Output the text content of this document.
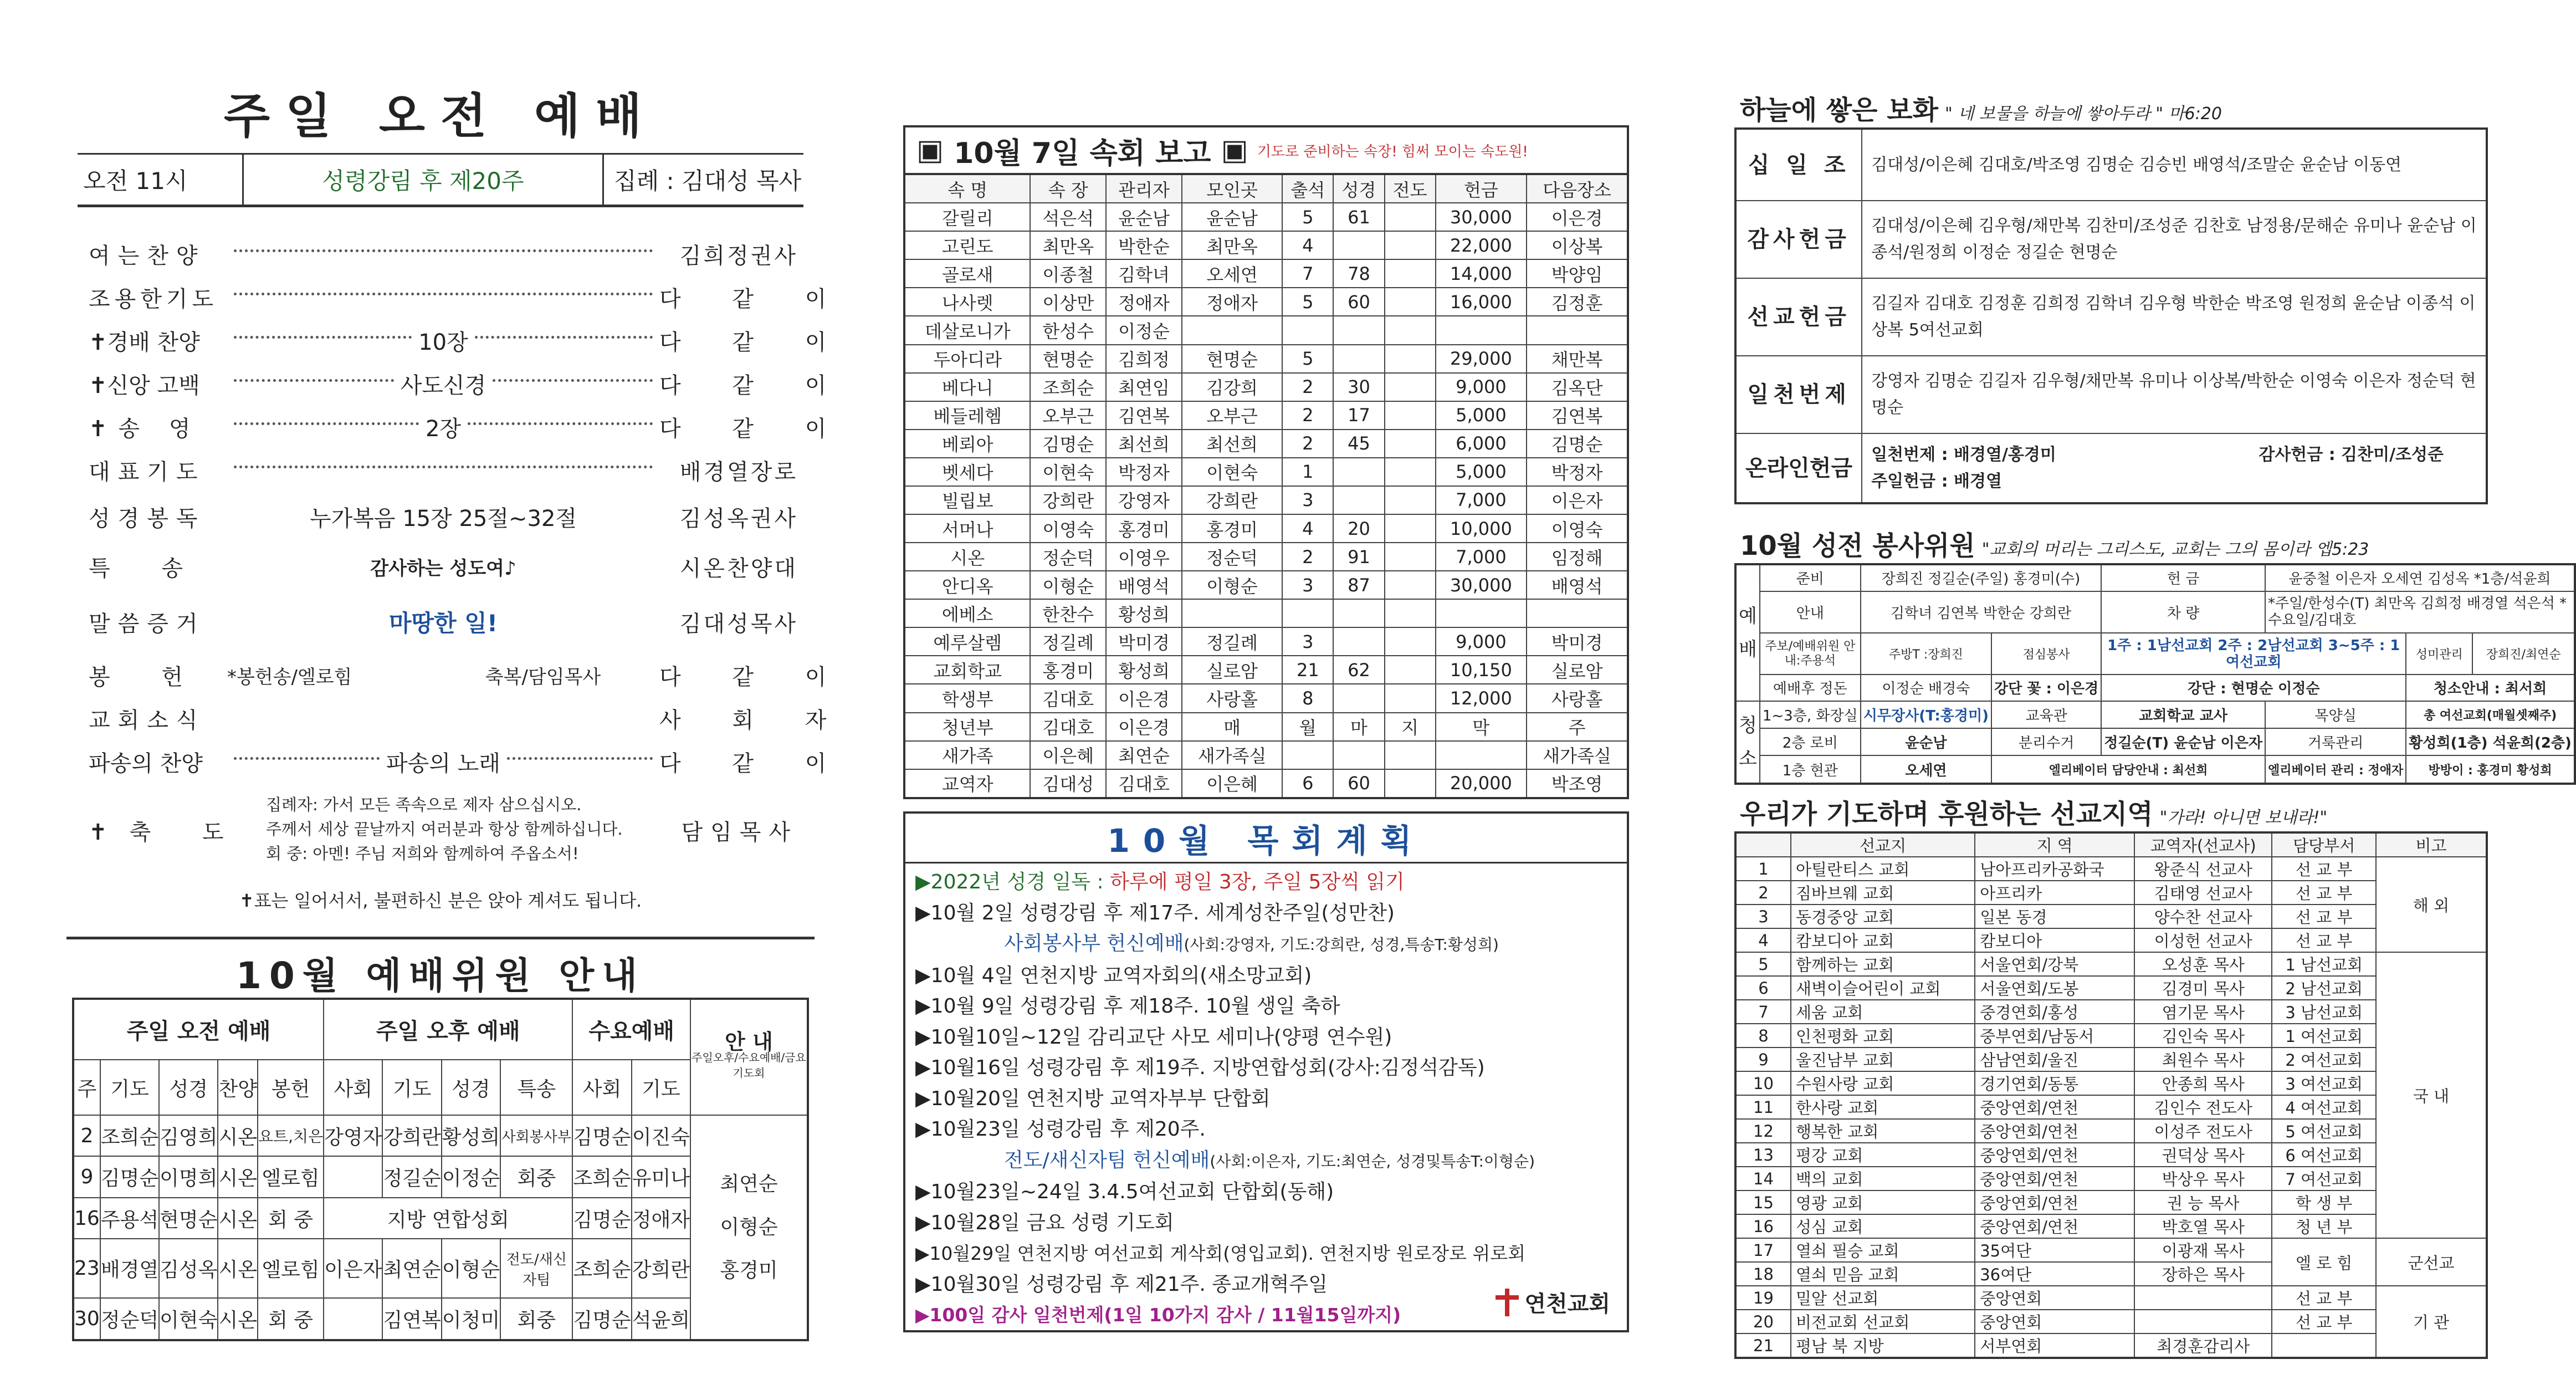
주일 오전 예배
오전 11시	성령강림 후 제20주	집례 : 김대성 목사
여는찬양	김희정권사
조용한기도	다 같 이
✝경배 찬양	10장	다 같 이
✝신앙 고백	사도신경	다 같 이
✝송 영	2장	다 같 이
대표기도	배경열장로
성경봉독	누가복음 15장 25절~32절	김성옥권사
특 송	감사하는 성도여♪	시온찬양대
말씀증거	마땅한 일!	김대성목사
봉 헌	*봉헌송/엘로힘	축복/담임목사	다 같 이
교회소식	사 회 자
파송의 찬양	파송의 노래	다 같 이
✝축 도	담임목사
집례자: 가서 모든 족속으로 제자 삼으십시오.
주께서 세상 끝날까지 여러분과 항상 함께하십니다.
회 중: 아멘! 주님 저희와 함께하여 주옵소서!
✝표는 일어서서, 불편하신 분은 앉아 계셔도 됩니다.
10월 예배위원 안내
주일 오전 예배					주일 오후 예배				수요예배		안 내
주일오후/수요예배/금요기도회

주	기도	성경	찬양	봉헌	사회	기도	성경	특송	사회	기도	
2	조희순	김영희	시온	요트,치은	강영자	강희란	황성희	사회봉사부	김명순	이진숙	최연순
이형순
홍경미

9	김명순	이명희	시온	엘로힘		정길순	이정순	회중	조희순	유미나	
16	주용석	현명순	시온	회 중	지방 연합성회				김명순	정애자	
23	배경열	김성옥	시온	엘로힘	이은자	최연순	이형순	전도/새신자팀	조희순	강희란	
30	정순덕	이현숙	시온	회 중		김연복	이청미	회중	김명순	석윤희	
▣ 10월 7일 속회 보고 ▣ 기도로 준비하는 속장! 힘써 모이는 속도원!
속 명	속 장	관리자	모인곳	출석	성경	전도	헌금	다음장소
갈릴리	석은석	윤순남	윤순남	5	61		30,000	이은경
고린도	최만옥	박한순	최만옥	4			22,000	이상복
골로새	이종철	김학녀	오세연	7	78		14,000	박양임
나사렛	이상만	정애자	정애자	5	60		16,000	김정훈
데살로니가	한성수	이정순						
두아디라	현명순	김희정	현명순	5			29,000	채만복
베다니	조희순	최연임	김강희	2	30		9,000	김옥단
베들레헴	오부근	김연복	오부근	2	17		5,000	김연복
베뢰아	김명순	최선희	최선희	2	45		6,000	김명순
벳세다	이현숙	박정자	이현숙	1			5,000	박정자
빌립보	강희란	강영자	강희란	3			7,000	이은자
서머나	이영숙	홍경미	홍경미	4	20		10,000	이영숙
시온	정순덕	이영우	정순덕	2	91		7,000	임정해
안디옥	이형순	배영석	이형순	3	87		30,000	배영석
에베소	한찬수	황성희						
예루살렘	정길례	박미경	정길례	3			9,000	박미경
교회학교	홍경미	황성희	실로암	21	62		10,150	실로암
학생부	김대호	이은경	사랑홀	8			12,000	사랑홀
청년부	김대호	이은경	매	월	마	지	막	주
새가족	이은혜	최연순	새가족실					새가족실
교역자	김대성	김대호	이은혜	6	60		20,000	박조영
10월 목회계획
▶2022년 성경 일독 : 하루에 평일 3장, 주일 5장씩 읽기
▶10월 2일 성령강림 후 제17주. 세계성찬주일(성만찬)
사회봉사부 헌신예배(사회:강영자, 기도:강희란, 성경,특송T:황성희)
▶10월 4일 연천지방 교역자회의(새소망교회)
▶10월 9일 성령강림 후 제18주. 10월 생일 축하
▶10월10일~12일 감리교단 사모 세미나(양평 연수원)
▶10월16일 성령강림 후 제19주. 지방연합성회(강사:김정석감독)
▶10월20일 연천지방 교역자부부 단합회
▶10월23일 성령강림 후 제20주.
전도/새신자팀 헌신예배(사회:이은자, 기도:최연순, 성경및특송T:이형순)
▶10월23일~24일 3.4.5여선교회 단합회(동해)
▶10월28일 금요 성령 기도회
▶10월29일 연천지방 여선교회 게삭회(영입교회). 연천지방 원로장로 위로회
▶10월30일 성령강림 후 제21주. 종교개혁주일
▶100일 감사 일천번제(1일 10가지 감사 / 11월15일까지)	연천교회
하늘에 쌓은 보화 " 네 보물을 하늘에 쌓아두라 " 마6:20
십 일 조	김대성/이은혜 김대호/박조영 김명순 김승빈 배영석/조말순 윤순남 이동연
감사헌금	김대성/이은혜 김우형/채만복 김찬미/조성준 김찬호 남정용/문해순 유미나 윤순남 이종석/원정희 이정순 정길순 현명순
선교헌금	김길자 김대호 김정훈 김희정 김학녀 김우형 박한순 박조영 원정희 윤순남 이종석 이상복 5여선교회
일천번제	강영자 김명순 김길자 김우형/채만복 유미나 이상복/박한순 이영숙 이은자 정순덕 현명순
온라인헌금	일천번제 : 배경열/홍경미 감사헌금 : 김찬미/조성준
주일헌금 : 배경열
10월 성전 봉사위원 "교회의 머리는 그리스도, 교회는 그의 몸이라 엡5:23
예배	준비	장희진 정길순(주일) 홍경미(수)		헌 금	윤중철 이은자 오세연 김성옥 *1층/석윤희		
	안내	김학녀 김연복 박한순 강희란		차 량	*주일/한성수(T) 최만옥 김희정 배경열 석은석 *수요일/김대호		
	주보/예배위원 안내:주용석	주방T :장희진	점심봉사	1주 : 1남선교회 2주 : 2남선교회 3~5주 : 1여선교회		성미관리	장희진/최연순
	예배후 정돈	이정순 배경숙	강단 꽃 : 이은경	강단 : 현명순 이정순		청소안내 : 최서희	
청소	1~3층, 화장실	시무장사(T:홍경미)	교육관	교회학교 교사	목양실	총 여선교회(매월셋째주)	
	2층 로비	윤순남	분리수거	정길순(T) 윤순남 이은자	거룩관리	황성희(1층) 석윤희(2층)	
	1층 현관	오세연	엘리베이터 담당안내 : 최선희		엘리베이터 관리 : 정애자	방방이 : 홍경미 황성희	
우리가 기도하며 후원하는 선교지역 "가라! 아니면 보내라!"
	선교지	지 역	교역자(선교사)	담당부서	비고
1	아틸란티스 교회	남아프리카공화국	왕준식 선교사	선 교 부	해 외
2	짐바브웨 교회	아프리카	김태영 선교사	선 교 부	
3	동경중앙 교회	일본 동경	양수찬 선교사	선 교 부	
4	캄보디아 교회	캄보디아	이성헌 선교사	선 교 부	
5	함께하는 교회	서울연회/강북	오성훈 목사	1 남선교회	국 내
6	새벽이슬어린이 교회	서울연회/도봉	김경미 목사	2 남선교회	
7	세움 교회	중경연회/홍성	염기문 목사	3 남선교회	
8	인천평화 교회	중부연회/남동서	김인숙 목사	1 여선교회	
9	울진남부 교회	삼남연회/울진	최원수 목사	2 여선교회	
10	수원사랑 교회	경기연회/동통	안종희 목사	3 여선교회	
11	한사랑 교회	중앙연회/연천	김인수 전도사	4 여선교회	
12	행복한 교회	중앙연회/연천	이성주 전도사	5 여선교회	
13	평강 교회	중앙연회/연천	권덕상 목사	6 여선교회	
14	백의 교회	중앙연회/연천	박상우 목사	7 여선교회	
15	영광 교회	중앙연회/연천	권 능 목사	학 생 부	
16	성심 교회	중앙연회/연천	박호열 목사	청 년 부	
17	열쇠 필승 교회	35여단	이광재 목사	엘 로 힘	군선교
18	열쇠 믿음 교회	36여단	장하은 목사		
19	밀알 선교회	중앙연회		선 교 부	기 관
20	비전교회 선교회	중앙연회		선 교 부	
21	평남 북 지방	서부연회	최경훈감리사		
